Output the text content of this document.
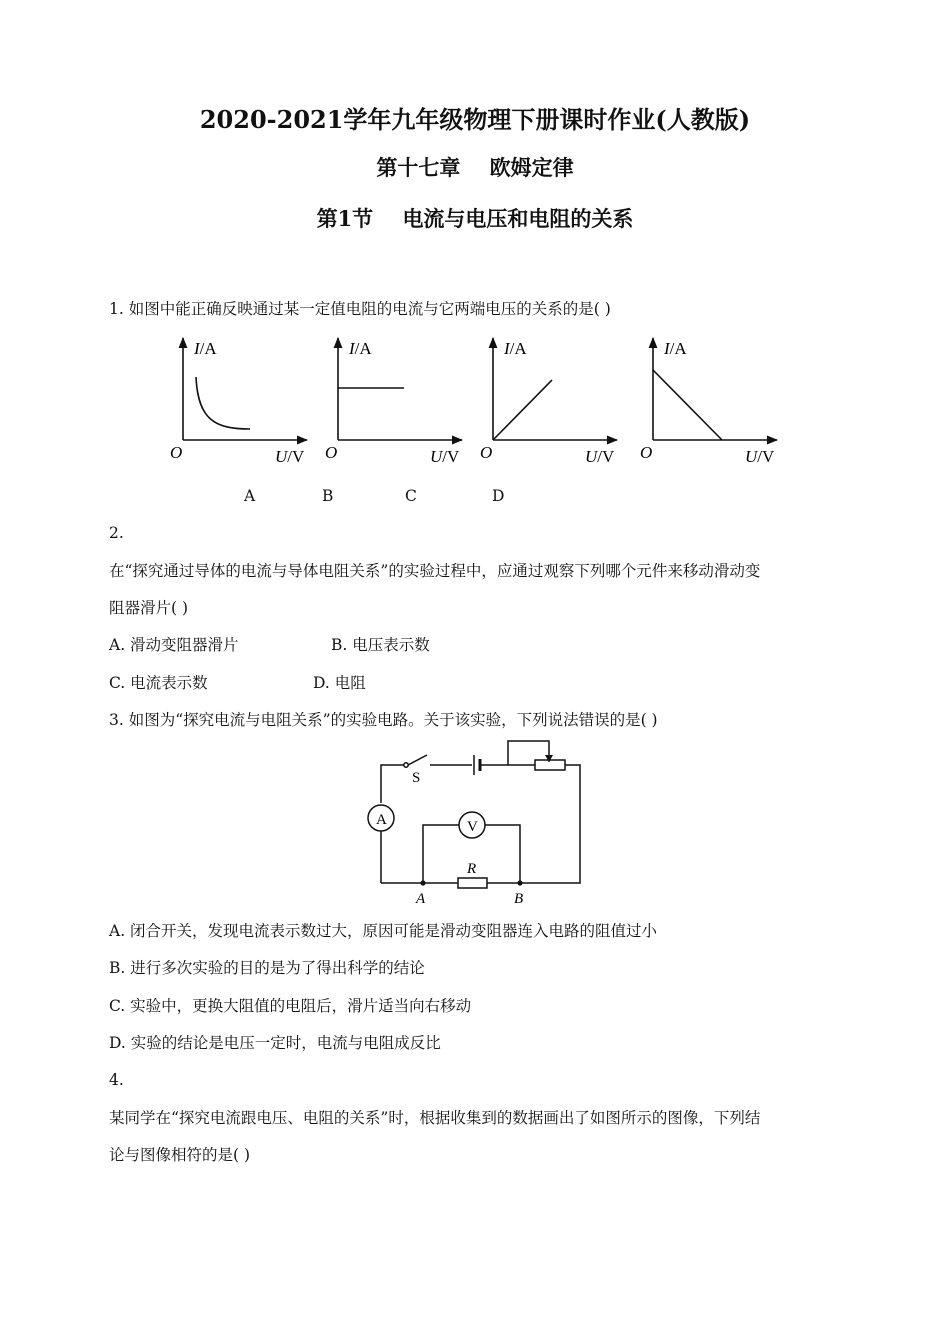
2020-2021学年九年级物理下册课时作业(人教版)
第十七章 欧姆定律
第1节 电流与电压和电阻的关系
1. 如图中能正确反映通过某一定值电阻的电流与它两端电压的关系的是( )
I/A
O	U/V
I/A
O	U/V
I/A
O	U/V
I/A
O	U/V
A	B	C	D
2.
在“探究通过导体的电流与导体电阻关系”的实验过程中，应通过观察下列哪个元件来移动滑动变
阻器滑片( )
A. 滑动变阻器滑片	B. 电压表示数
C. 电流表示数	D. 电阻
3. 如图为“探究电流与电阻关系”的实验电路。关于该实验，下列说法错误的是( )
S
A	V
R
A	B
A. 闭合开关，发现电流表示数过大，原因可能是滑动变阻器连入电路的阻值过小
B. 进行多次实验的目的是为了得出科学的结论
C. 实验中，更换大阻值的电阻后，滑片适当向右移动
D. 实验的结论是电压一定时，电流与电阻成反比
4.
某同学在“探究电流跟电压、电阻的关系”时，根据收集到的数据画出了如图所示的图像，下列结
论与图像相符的是( )
